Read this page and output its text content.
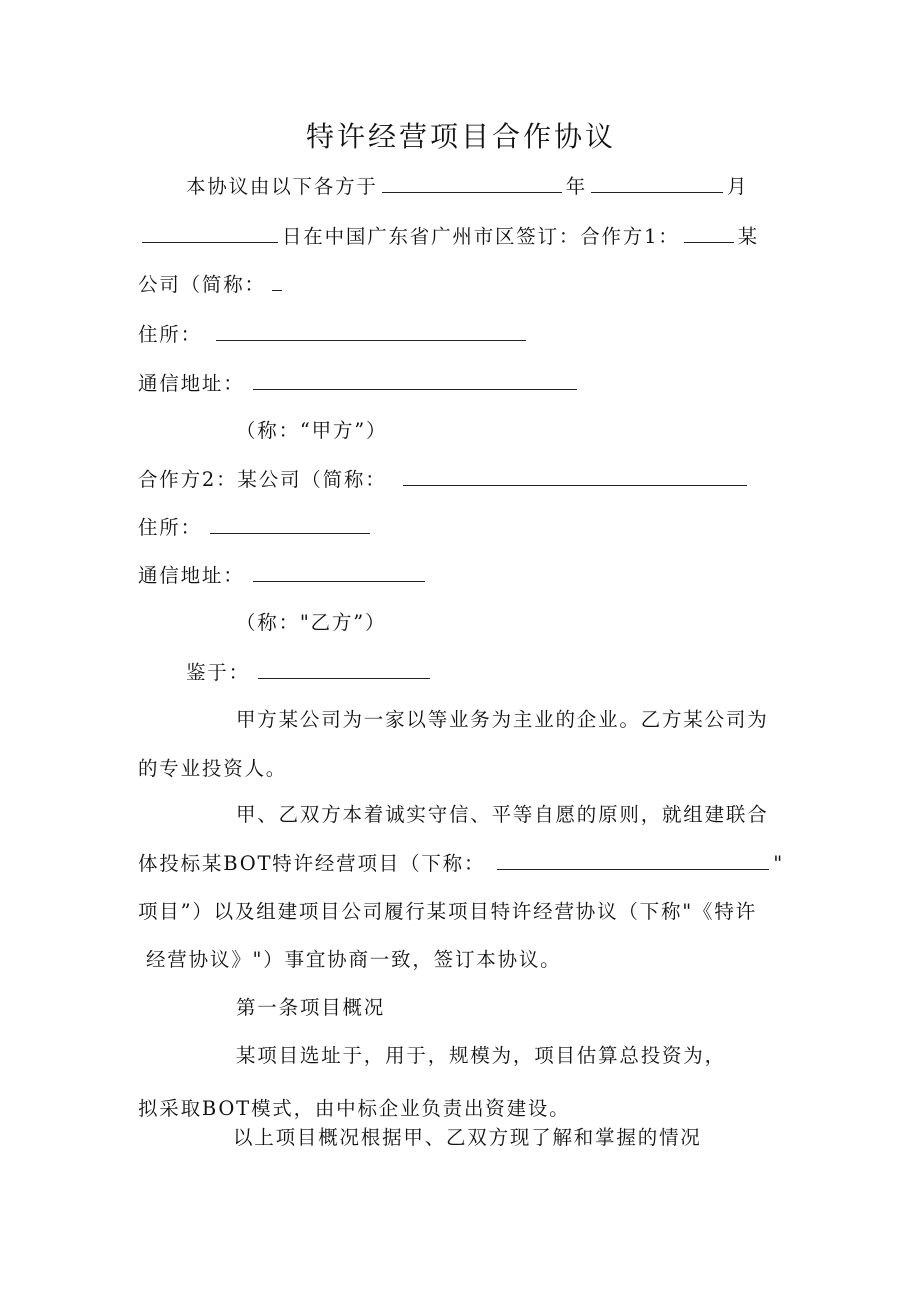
特许经营项目合作协议
本协议由以下各方于	年	月
日在中国广东省广州市区签订：合作方1：	某
公司（简称：
住所：
通信地址：
（称：“甲方”）
合作方2：某公司（简称：
住所：
通信地址：
（称："乙方”）
鉴于：
甲方某公司为一家以等业务为主业的企业。乙方某公司为
的专业投资人。
甲、乙双方本着诚实守信、平等自愿的原则，就组建联合
体投标某BOT特许经营项目（下称：	"
项目”）以及组建项目公司履行某项目特许经营协议（下称"《特许
经营协议》"）事宜协商一致，签订本协议。
第一条项目概况
某项目选址于，用于，规模为，项目估算总投资为，
拟采取BOT模式，由中标企业负责出资建设。
以上项目概况根据甲、乙双方现了解和掌握的情况
